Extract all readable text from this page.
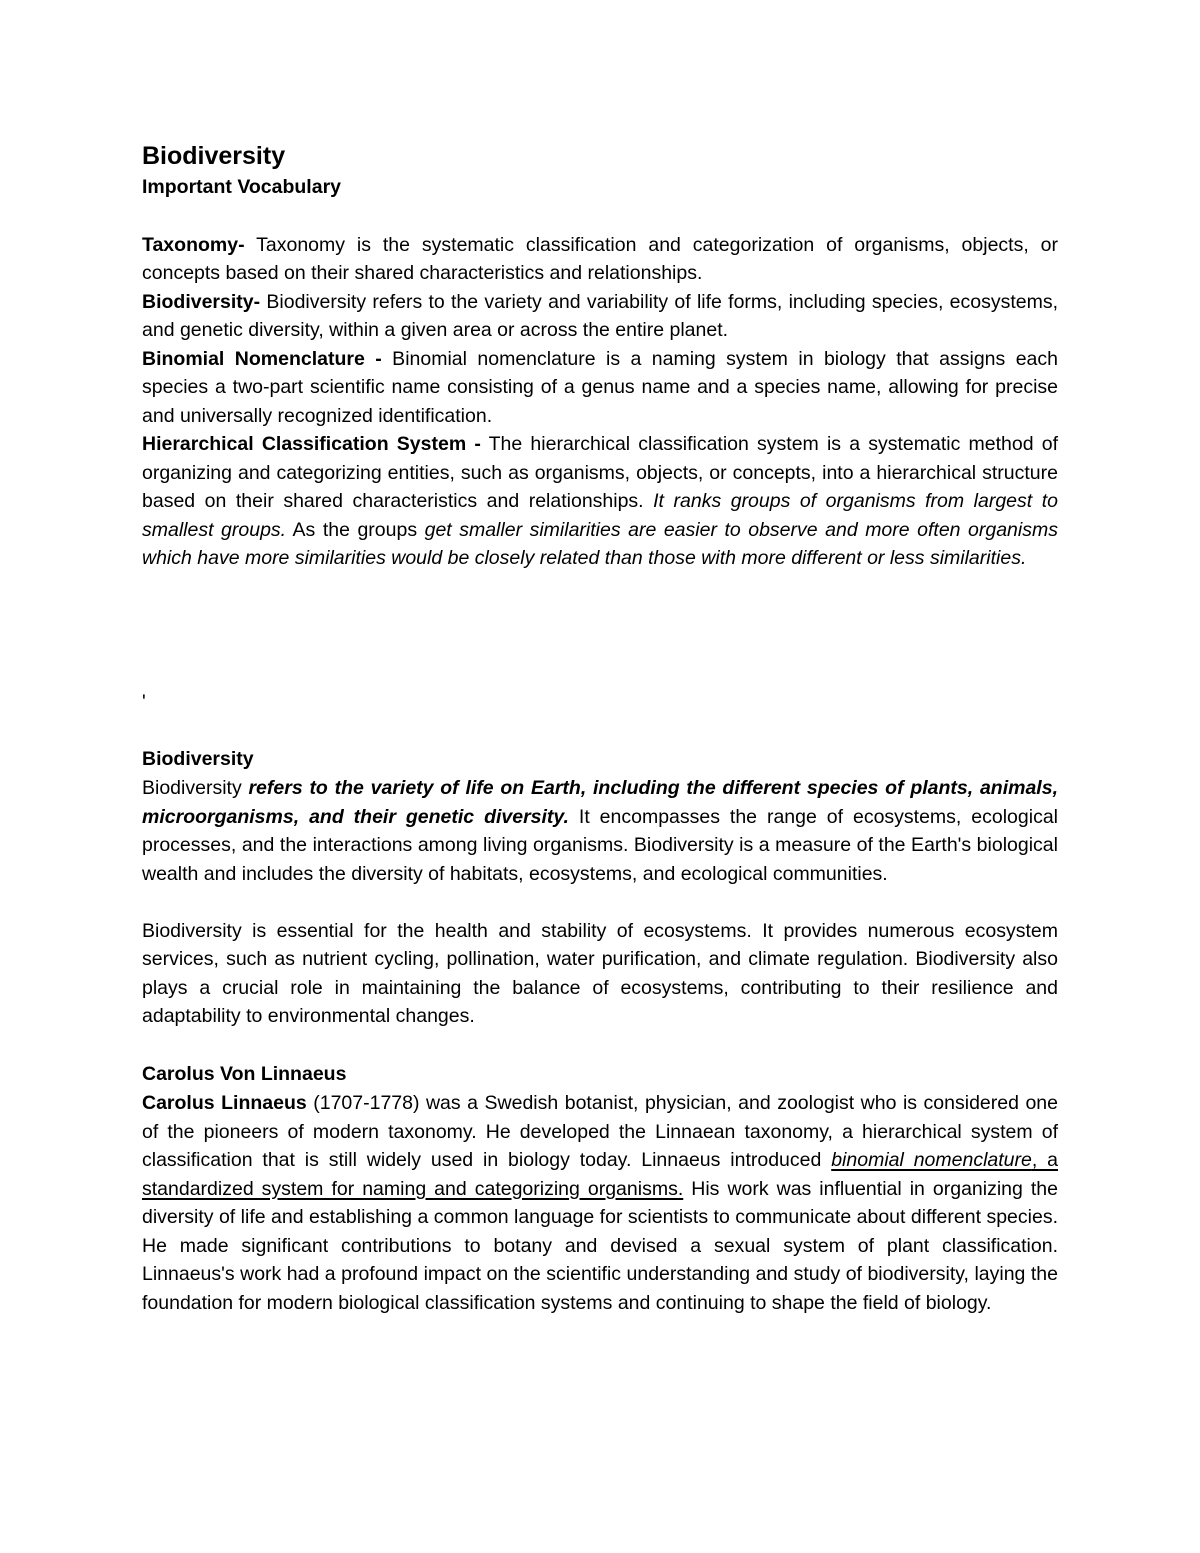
Biodiversity
Important Vocabulary

Taxonomy- Taxonomy is the systematic classification and categorization of organisms, objects, or concepts based on their shared characteristics and relationships.

Biodiversity- Biodiversity refers to the variety and variability of life forms, including species, ecosystems, and genetic diversity, within a given area or across the entire planet.

Binomial Nomenclature - Binomial nomenclature is a naming system in biology that assigns each species a two-part scientific name consisting of a genus name and a species name, allowing for precise and universally recognized identification.

Hierarchical Classification System - The hierarchical classification system is a systematic method of organizing and categorizing entities, such as organisms, objects, or concepts, into a hierarchical structure based on their shared characteristics and relationships. It ranks groups of organisms from largest to smallest groups. As the groups get smaller similarities are easier to observe and more often organisms which have more similarities would be closely related than those with more different or less similarities.

'
Biodiversity

Biodiversity refers to the variety of life on Earth, including the different species of plants, animals, microorganisms, and their genetic diversity. It encompasses the range of ecosystems, ecological processes, and the interactions among living organisms. Biodiversity is a measure of the Earth's biological wealth and includes the diversity of habitats, ecosystems, and ecological communities.

Biodiversity is essential for the health and stability of ecosystems. It provides numerous ecosystem services, such as nutrient cycling, pollination, water purification, and climate regulation. Biodiversity also plays a crucial role in maintaining the balance of ecosystems, contributing to their resilience and adaptability to environmental changes.

Carolus Von Linnaeus

Carolus Linnaeus (1707-1778) was a Swedish botanist, physician, and zoologist who is considered one of the pioneers of modern taxonomy. He developed the Linnaean taxonomy, a hierarchical system of classification that is still widely used in biology today. Linnaeus introduced binomial nomenclature, a standardized system for naming and categorizing organisms. His work was influential in organizing the diversity of life and establishing a common language for scientists to communicate about different species. He made significant contributions to botany and devised a sexual system of plant classification. Linnaeus's work had a profound impact on the scientific understanding and study of biodiversity, laying the foundation for modern biological classification systems and continuing to shape the field of biology.
